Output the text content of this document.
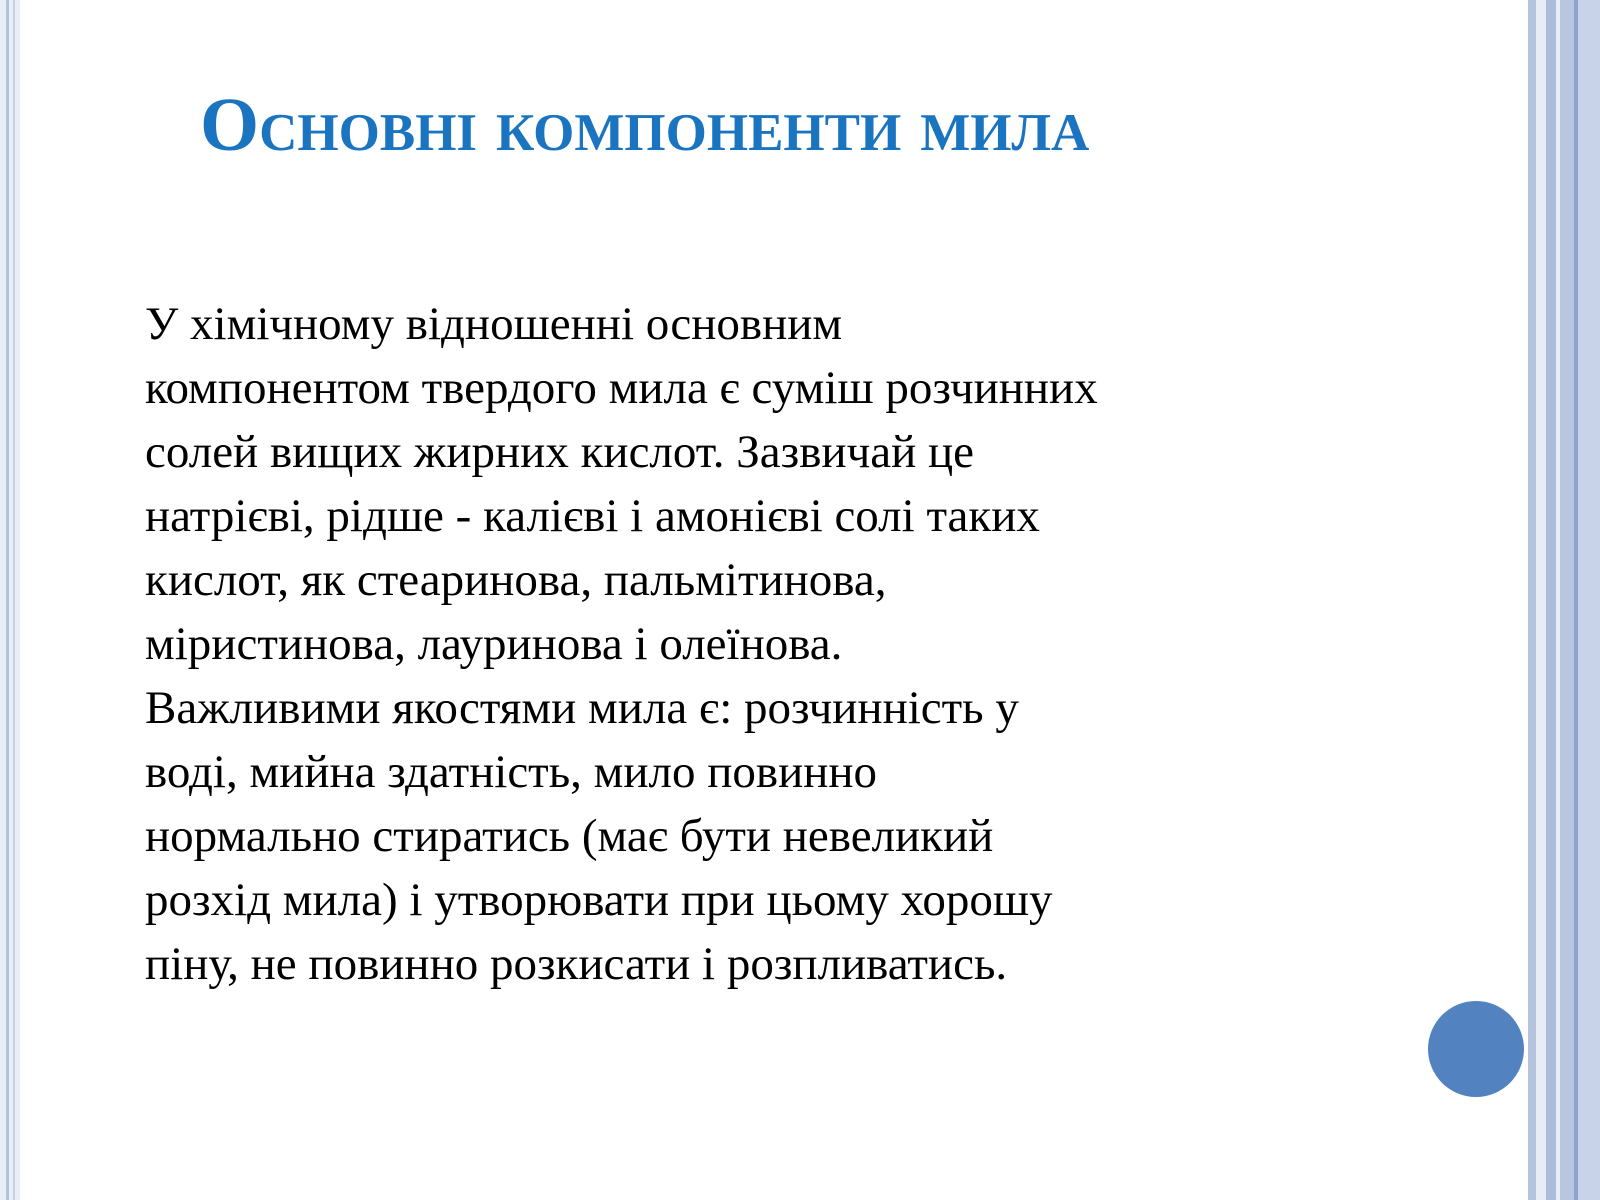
Основні компоненти мила
У хімічному відношенні основним
компонентом твердого мила є суміш розчинних
солей вищих жирних кислот. Зазвичай це
натрієві, рідше - калієві і амонієві солі таких
кислот, як стеаринова, пальмітинова,
міристинова, лауринова і олеїнова.
Важливими якостями мила є: розчинність у
воді, мийна здатність, мило повинно
нормально стиратись (має бути невеликий
розхід мила) і утворювати при цьому хорошу
піну, не повинно розкисати і розпливатись.
